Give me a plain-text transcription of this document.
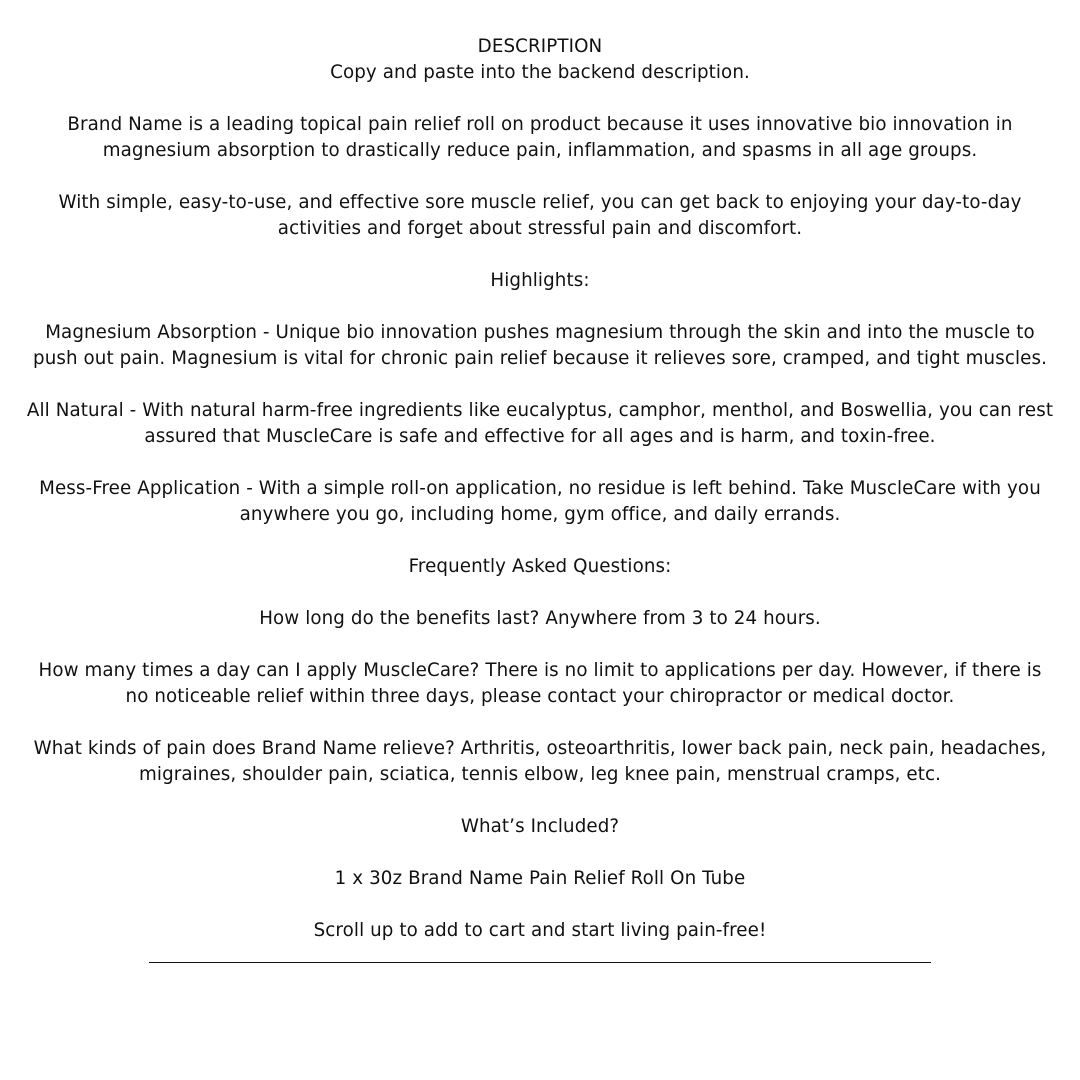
DESCRIPTION
Copy and paste into the backend description.
Brand Name is a leading topical pain relief roll on product because it uses innovative bio innovation in
magnesium absorption to drastically reduce pain, inflammation, and spasms in all age groups.
With simple, easy-to-use, and effective sore muscle relief, you can get back to enjoying your day-to-day
activities and forget about stressful pain and discomfort.
Highlights:
Magnesium Absorption - Unique bio innovation pushes magnesium through the skin and into the muscle to
push out pain. Magnesium is vital for chronic pain relief because it relieves sore, cramped, and tight muscles.
All Natural - With natural harm-free ingredients like eucalyptus, camphor, menthol, and Boswellia, you can rest
assured that MuscleCare is safe and effective for all ages and is harm, and toxin-free.
Mess-Free Application - With a simple roll-on application, no residue is left behind. Take MuscleCare with you
anywhere you go, including home, gym office, and daily errands.
Frequently Asked Questions:
How long do the benefits last? Anywhere from 3 to 24 hours.
How many times a day can I apply MuscleCare? There is no limit to applications per day. However, if there is
no noticeable relief within three days, please contact your chiropractor or medical doctor.
What kinds of pain does Brand Name relieve? Arthritis, osteoarthritis, lower back pain, neck pain, headaches,
migraines, shoulder pain, sciatica, tennis elbow, leg knee pain, menstrual cramps, etc.
What’s Included?
1 x 30z Brand Name Pain Relief Roll On Tube
Scroll up to add to cart and start living pain-free!
